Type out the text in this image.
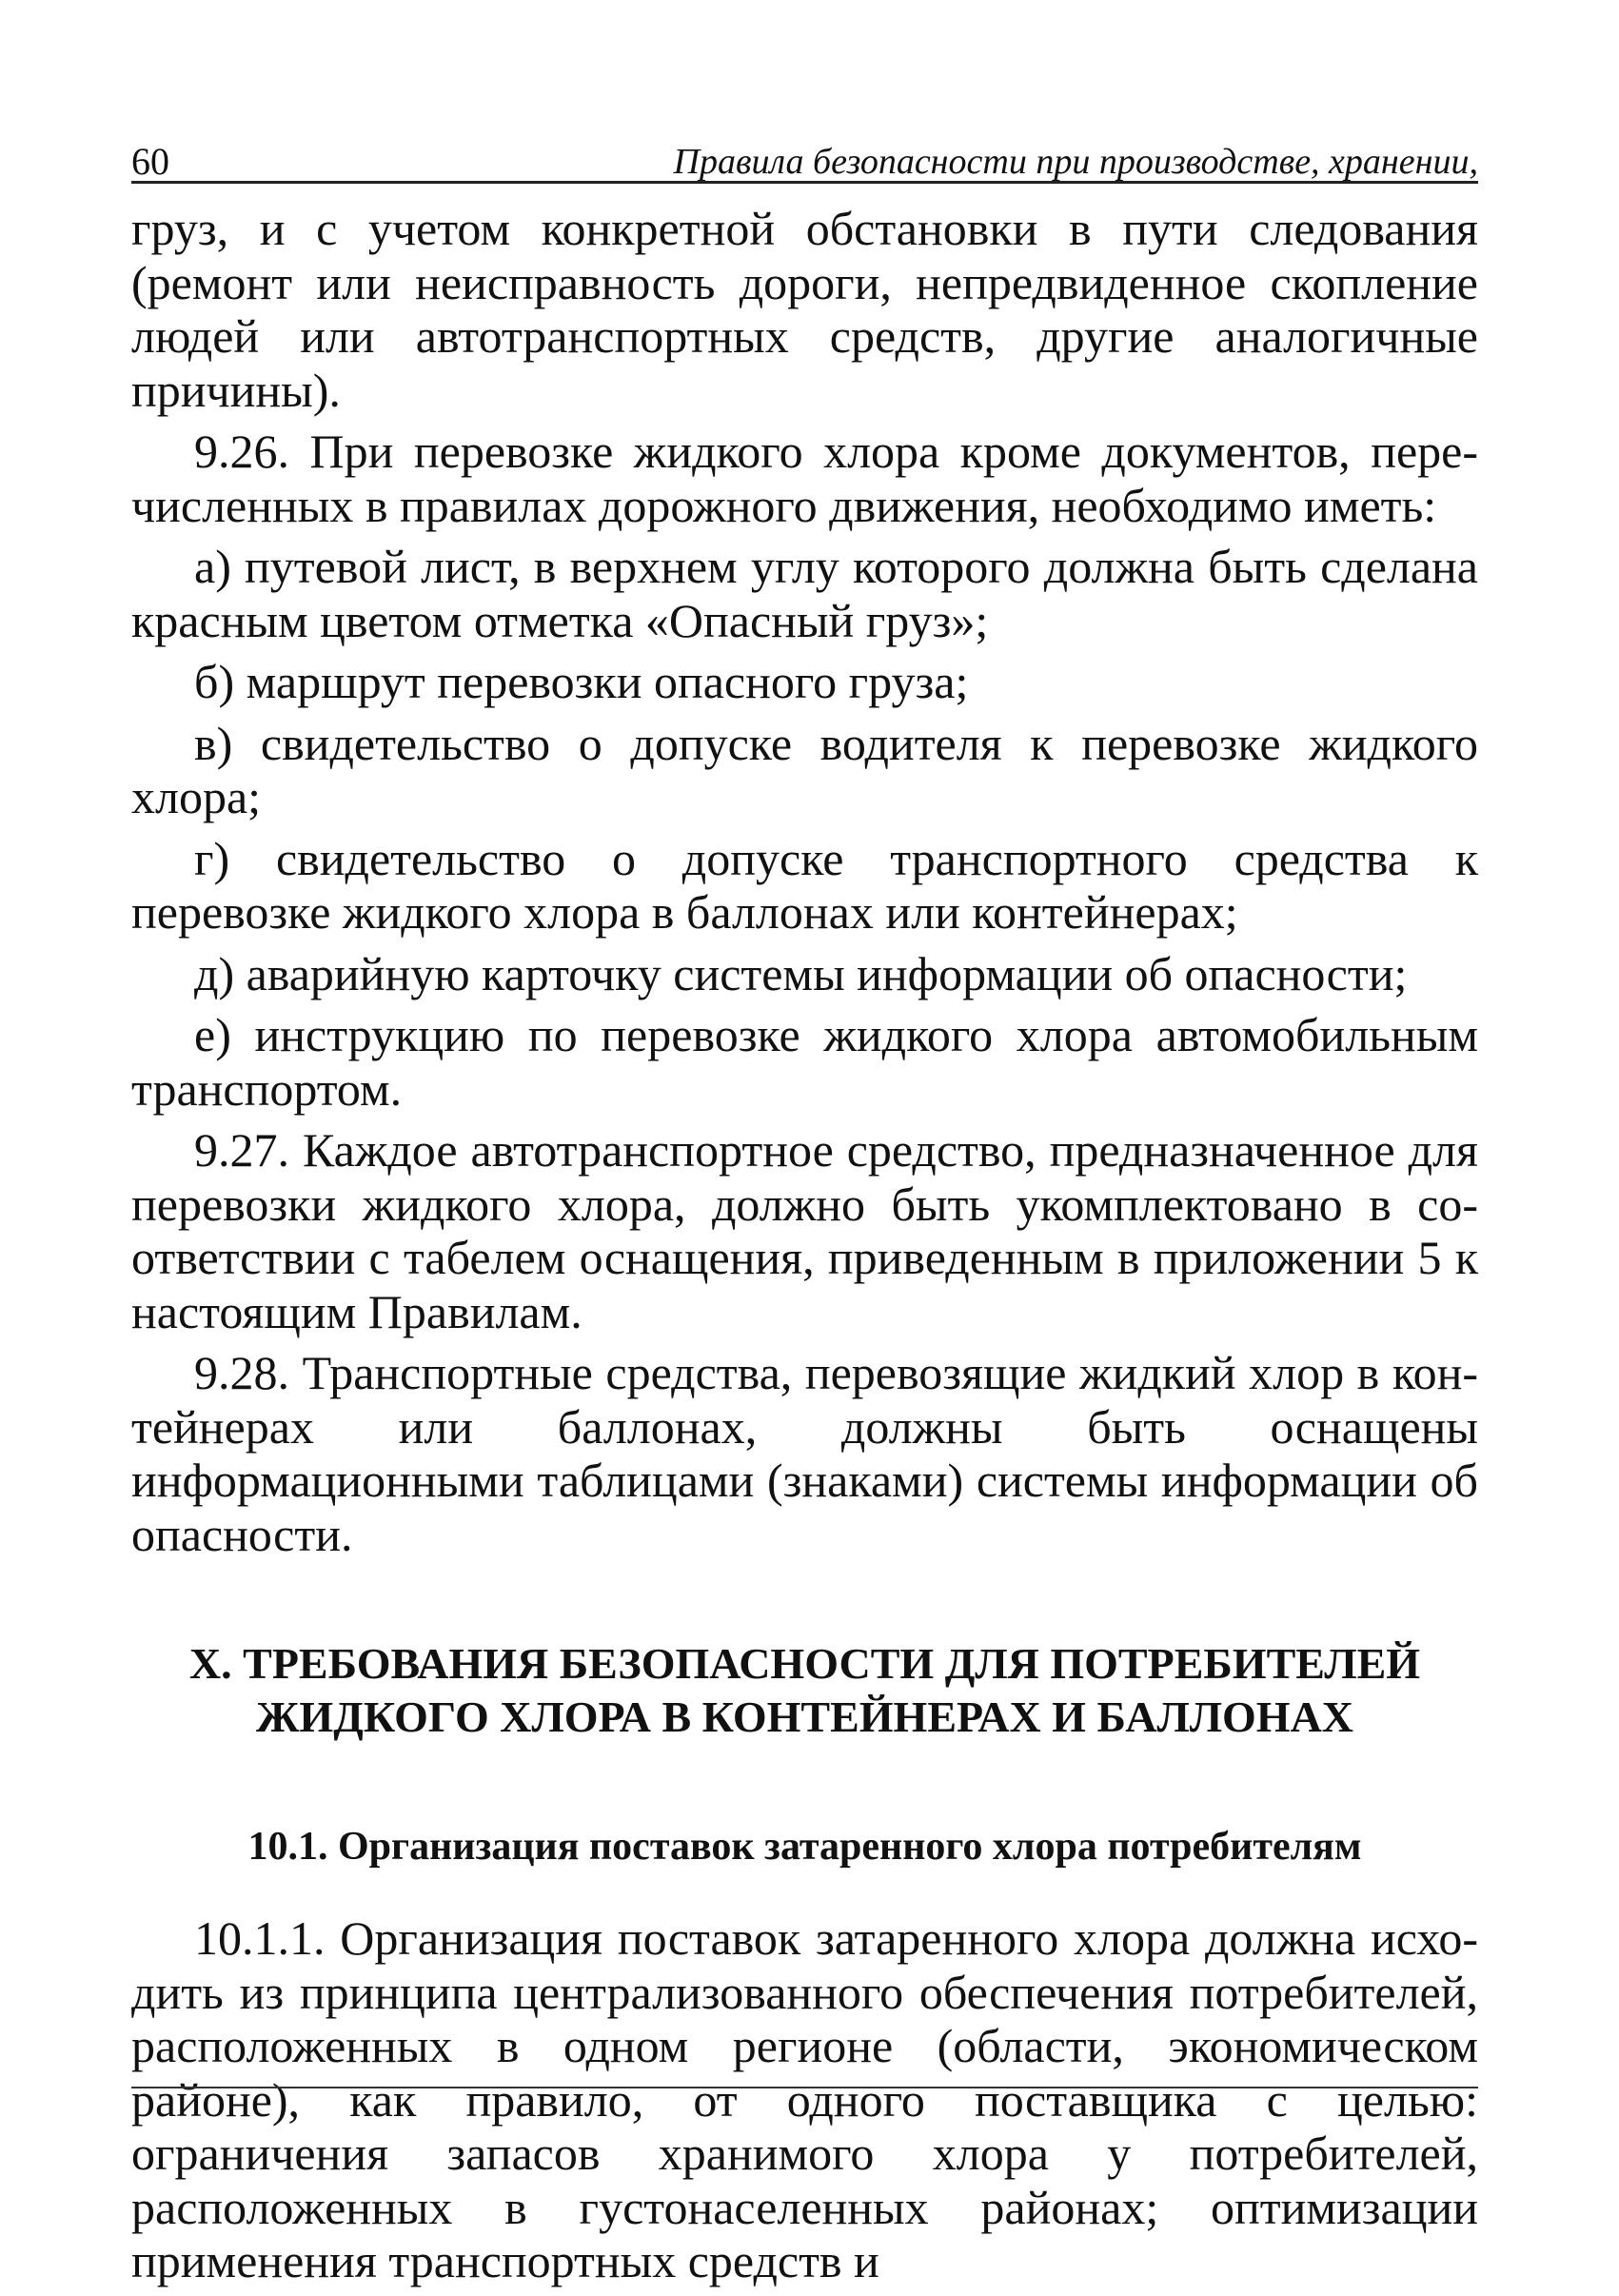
60	Правила безопасности при производстве, хранении,

груз, и с учетом конкретной обстановки в пути следования (ремонт или неисправность дороги, непредвиденное скопление людей или автотранспортных средств, другие аналогичные причины).

9.26. При перевозке жидкого хлора кроме документов, перечисленных в правилах дорожного движения, необходимо иметь:

а) путевой лист, в верхнем углу которого должна быть сделана красным цветом отметка «Опасный груз»;

б) маршрут перевозки опасного груза;

в) свидетельство о допуске водителя к перевозке жидкого хлора;

г) свидетельство о допуске транспортного средства к перевозке жидкого хлора в баллонах или контейнерах;

д) аварийную карточку системы информации об опасности;

е) инструкцию по перевозке жидкого хлора автомобильным транспортом.

9.27. Каждое автотранспортное средство, предназначенное для перевозки жидкого хлора, должно быть укомплектовано в соответствии с табелем оснащения, приведенным в приложении 5 к настоящим Правилам.

9.28. Транспортные средства, перевозящие жидкий хлор в контейнерах или баллонах, должны быть оснащены информационными таблицами (знаками) системы информации об опасности.

X. ТРЕБОВАНИЯ БЕЗОПАСНОСТИ ДЛЯ ПОТРЕБИТЕЛЕЙ
ЖИДКОГО ХЛОРА В КОНТЕЙНЕРАХ И БАЛЛОНАХ
10.1. Организация поставок затаренного хлора потребителям

10.1.1. Организация поставок затаренного хлора должна исходить из принципа централизованного обеспечения потребителей, расположенных в одном регионе (области, экономическом районе), как правило, от одного поставщика с целью: ограничения запасов хранимого хлора у потребителей, расположенных в густонаселенных районах; оптимизации применения транспортных средств и
